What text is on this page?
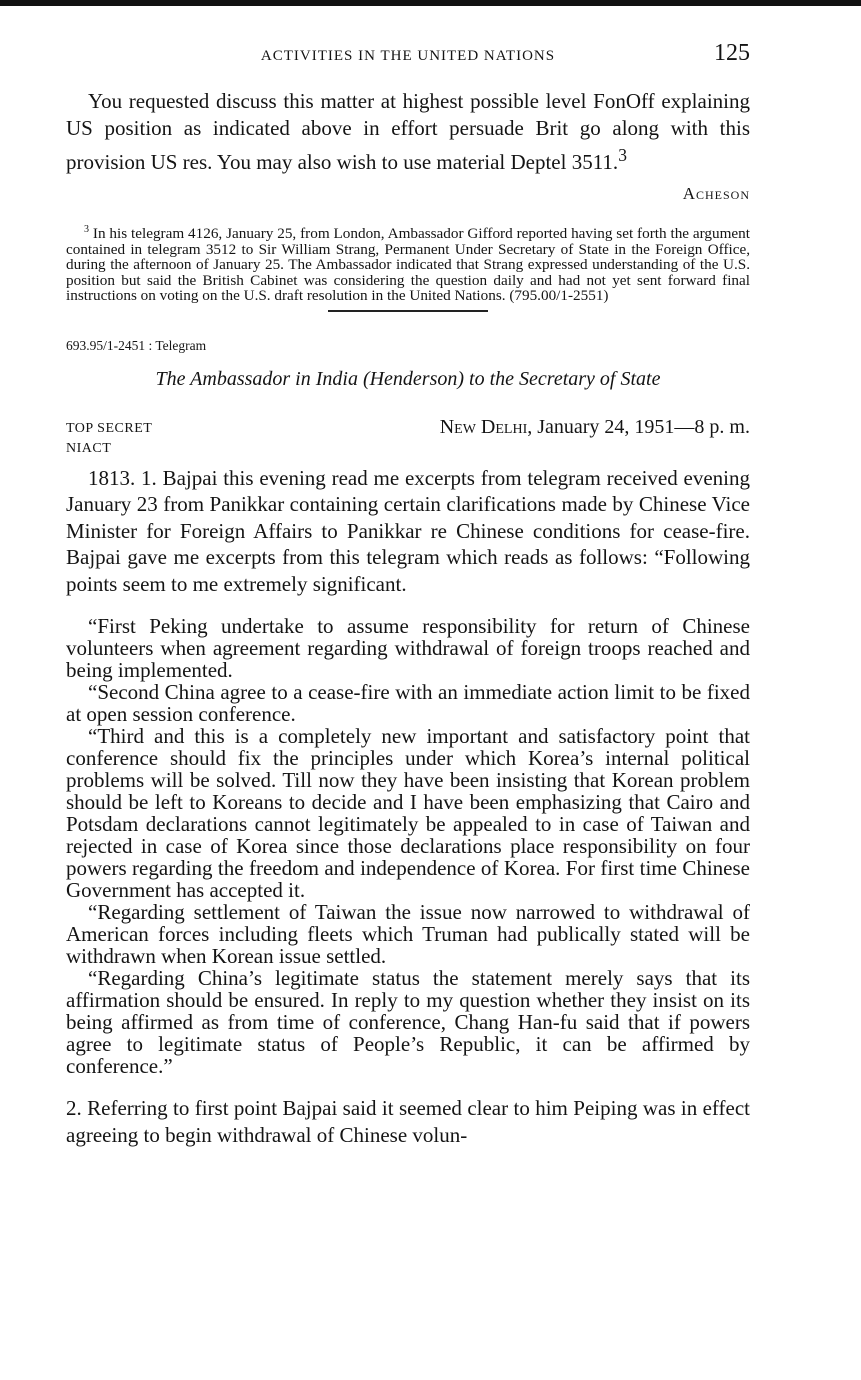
ACTIVITIES IN THE UNITED NATIONS	125

You requested discuss this matter at highest possible level FonOff explaining US position as indicated above in effort persuade Brit go along with this provision US res. You may also wish to use material Deptel 3511.$^3$

Acheson

$^3$ In his telegram 4126, January 25, from London, Ambassador Gifford reported having set forth the argument contained in telegram 3512 to Sir William Strang, Permanent Under Secretary of State in the Foreign Office, during the afternoon of January 25. The Ambassador indicated that Strang expressed understanding of the U.S. position but said the British Cabinet was considering the question daily and had not yet sent forward final instructions on voting on the U.S. draft resolution in the United Nations. (795.00/1-2551)

693.95/1-2451 : Telegram
The Ambassador in India (Henderson) to the Secretary of State
TOP SECRET	New Delhi, January 24, 1951—8 p. m.
NIACT

1813. 1. Bajpai this evening read me excerpts from telegram received evening January 23 from Panikkar containing certain clarifications made by Chinese Vice Minister for Foreign Affairs to Panikkar re Chinese conditions for cease-fire. Bajpai gave me excerpts from this telegram which reads as follows: “Following points seem to me extremely significant.

“First Peking undertake to assume responsibility for return of Chinese volunteers when agreement regarding withdrawal of foreign troops reached and being implemented.

“Second China agree to a cease-fire with an immediate action limit to be fixed at open session conference.

“Third and this is a completely new important and satisfactory point that conference should fix the principles under which Korea’s internal political problems will be solved. Till now they have been insisting that Korean problem should be left to Koreans to decide and I have been emphasizing that Cairo and Potsdam declarations cannot legitimately be appealed to in case of Taiwan and rejected in case of Korea since those declarations place responsibility on four powers regarding the freedom and independence of Korea. For first time Chinese Government has accepted it.

“Regarding settlement of Taiwan the issue now narrowed to withdrawal of American forces including fleets which Truman had publically stated will be withdrawn when Korean issue settled.

“Regarding China’s legitimate status the statement merely says that its affirmation should be ensured. In reply to my question whether they insist on its being affirmed as from time of conference, Chang Han-fu said that if powers agree to legitimate status of People’s Republic, it can be affirmed by conference.”

2. Referring to first point Bajpai said it seemed clear to him Peiping was in effect agreeing to begin withdrawal of Chinese volun-
